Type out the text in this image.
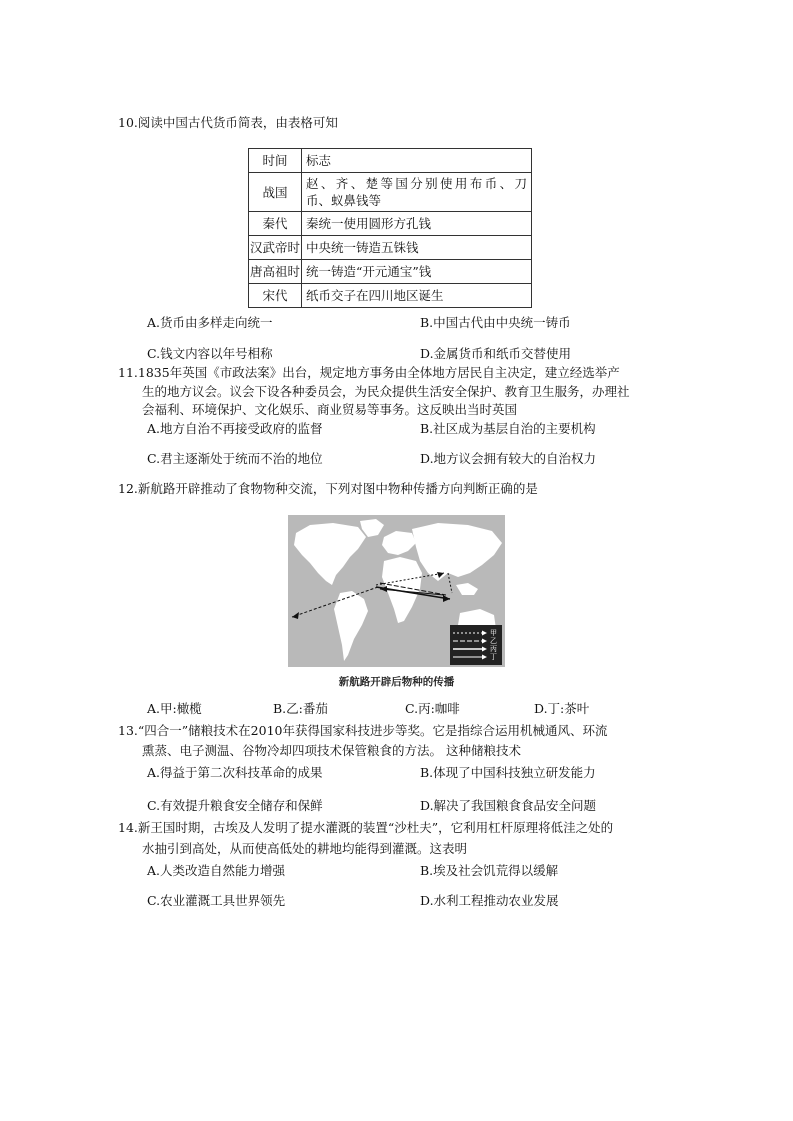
10.阅读中国古代货币简表，由表格可知
时间	标志
战国	赵、齐、楚等国分别使用布币、刀
币、蚁鼻钱等

秦代	秦统一使用圆形方孔钱
汉武帝时	中央统一铸造五铢钱
唐高祖时	统一铸造“开元通宝”钱
宋代	纸币交子在四川地区诞生
A.货币由多样走向统一	B.中国古代由中央统一铸币
C.钱文内容以年号相称	D.金属货币和纸币交替使用
11.1835年英国《市政法案》出台，规定地方事务由全体地方居民自主决定，建立经选举产
生的地方议会。议会下设各种委员会，为民众提供生活安全保护、教育卫生服务，办理社
会福利、环境保护、文化娱乐、商业贸易等事务。这反映出当时英国
A.地方自治不再接受政府的监督	B.社区成为基层自治的主要机构
C.君主逐渐处于统而不治的地位	D.地方议会拥有较大的自治权力
12.新航路开辟推动了食物物种交流，下列对图中物种传播方向判断正确的是
甲
乙
丙
丁
新航路开辟后物种的传播
A.甲:橄榄	B.乙:番茄	C.丙:咖啡	D.丁:茶叶
13.“四合一”储粮技术在2010年获得国家科技进步等奖。它是指综合运用机械通风、环流
熏蒸、电子测温、谷物冷却四项技术保管粮食的方法。 这种储粮技术
A.得益于第二次科技革命的成果	B.体现了中国科技独立研发能力
C.有效提升粮食安全储存和保鲜	D.解决了我国粮食食品安全问题
14.新王国时期，古埃及人发明了提水灌溉的装置“沙杜夫”，它利用杠杆原理将低洼之处的
水抽引到高处，从而使高低处的耕地均能得到灌溉。这表明
A.人类改造自然能力增强	B.埃及社会饥荒得以缓解
C.农业灌溉工具世界领先	D.水利工程推动农业发展
